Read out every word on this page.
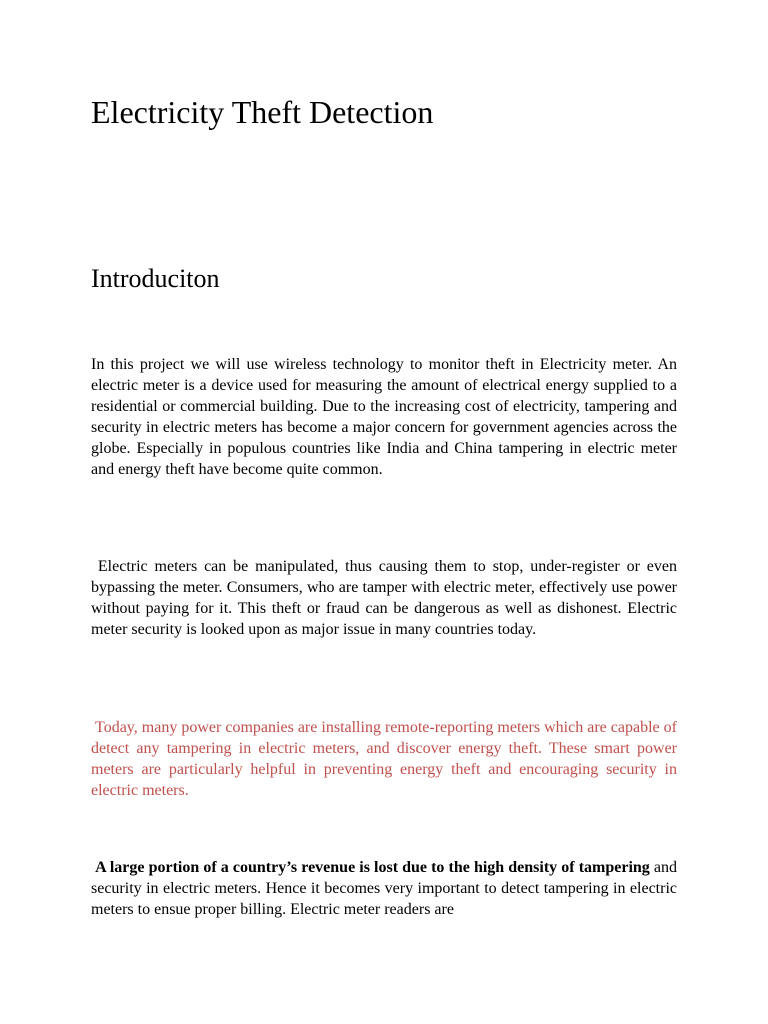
Electricity Theft Detection
Introduciton

In this project we will use wireless technology to monitor theft in Electricity meter. An electric meter is a device used for measuring the amount of electrical energy supplied to a residential or commercial building. Due to the increasing cost of electricity, tampering and security in electric meters has become a major concern for government agencies across the globe. Especially in populous countries like India and China tampering in electric meter and energy theft have become quite common.

Electric meters can be manipulated, thus causing them to stop, under-register or even bypassing the meter. Consumers, who are tamper with electric meter, effectively use power without paying for it. This theft or fraud can be dangerous as well as dishonest. Electric meter security is looked upon as major issue in many countries today.

Today, many power companies are installing remote-reporting meters which are capable of detect any tampering in electric meters, and discover energy theft. These smart power meters are particularly helpful in preventing energy theft and encouraging security in electric meters.

A large portion of a country’s revenue is lost due to the high density of tampering and security in electric meters. Hence it becomes very important to detect tampering in electric meters to ensue proper billing. Electric meter readers are
